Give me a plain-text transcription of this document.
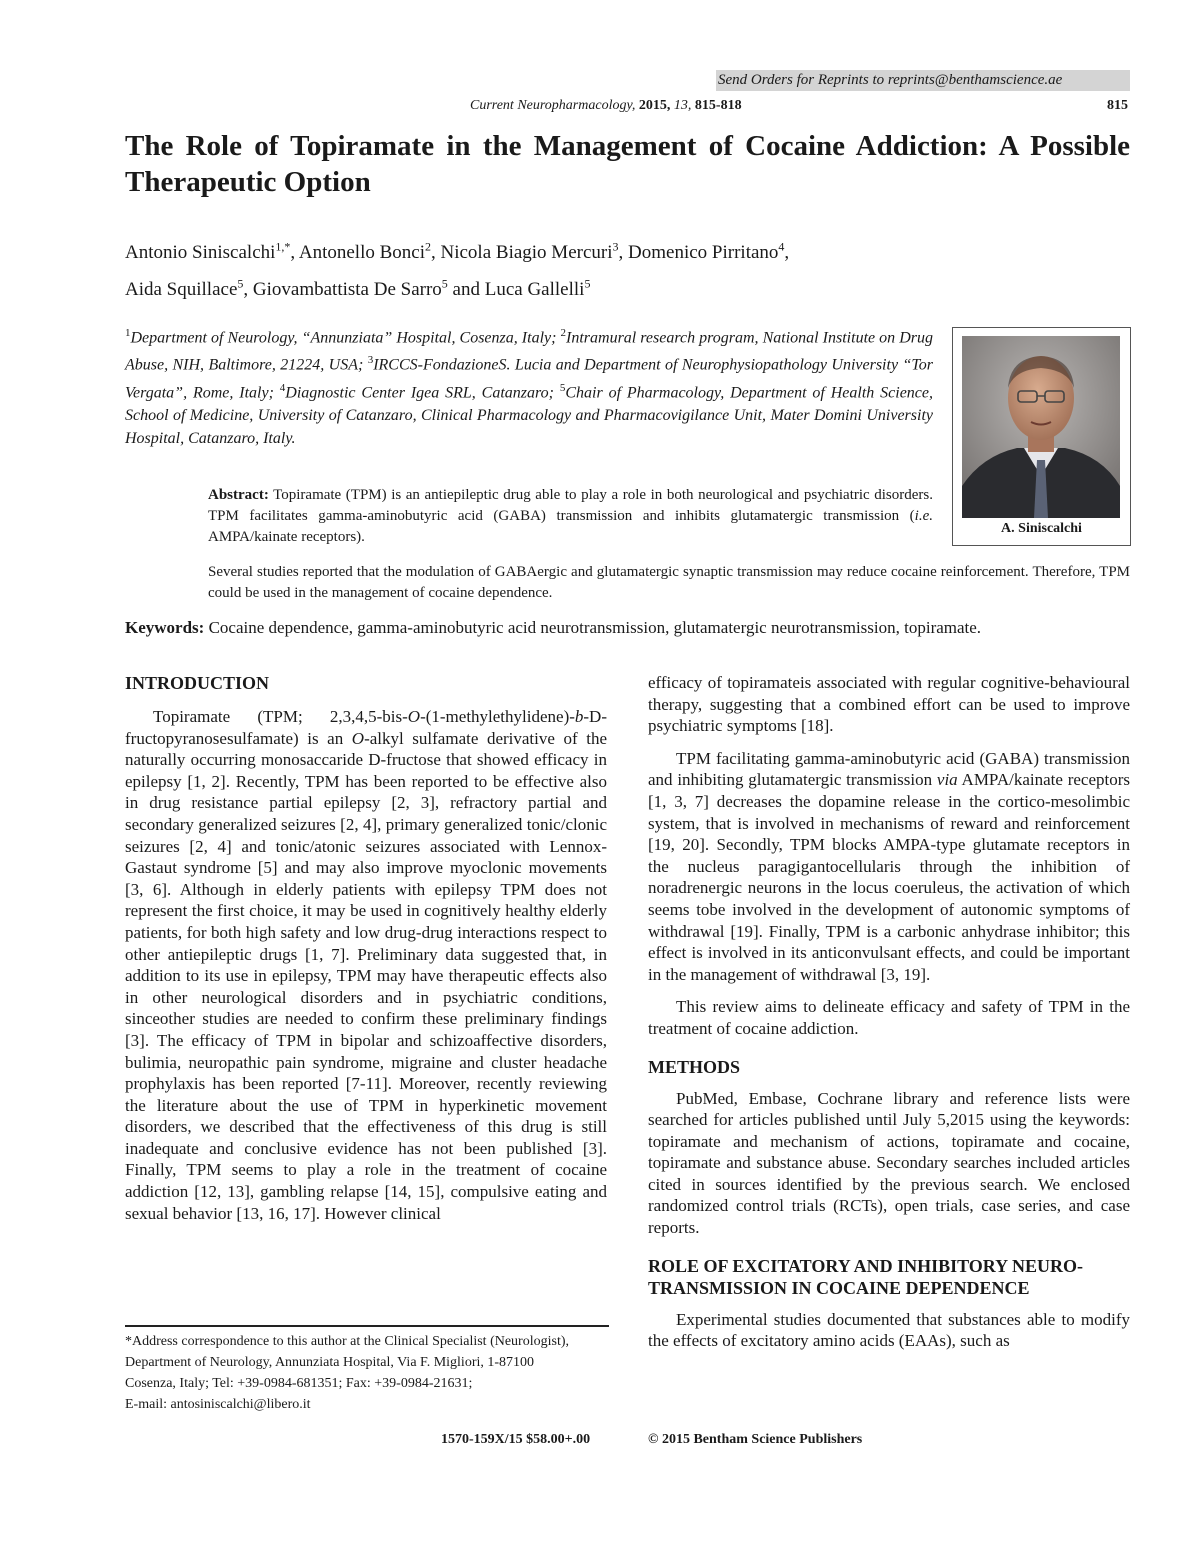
Send Orders for Reprints to reprints@benthamscience.ae
Current Neuropharmacology, 2015, 13, 815-818	815
The Role of Topiramate in the Management of Cocaine Addiction: A Possible Therapeutic Option
Antonio Siniscalchi$^{1,*}$, Antonello Bonci$^2$, Nicola Biagio Mercuri$^3$, Domenico Pirritano$^4$,
Aida Squillace$^5$, Giovambattista De Sarro$^5$ and Luca Gallelli$^5$
$^1$Department of Neurology, “Annunziata” Hospital, Cosenza, Italy; $^2$Intramural research program, National Institute on Drug Abuse, NIH, Baltimore, 21224, USA; $^3$IRCCS-FondazioneS. Lucia and Department of Neurophysiopathology University “Tor Vergata”, Rome, Italy; $^4$Diagnostic Center Igea SRL, Catanzaro; $^5$Chair of Pharmacology, Department of Health Science, School of Medicine, University of Catanzaro, Clinical Pharmacology and Pharmacovigilance Unit, Mater Domini University Hospital, Catanzaro, Italy.
A. Siniscalchi
Abstract: Topiramate (TPM) is an antiepileptic drug able to play a role in both neurological and psychiatric disorders. TPM facilitates gamma-aminobutyric acid (GABA) transmission and inhibits glutamatergic transmission (i.e. AMPA/kainate receptors).
Several studies reported that the modulation of GABAergic and glutamatergic synaptic transmission may reduce cocaine reinforcement. Therefore, TPM could be used in the management of cocaine dependence.
Keywords: Cocaine dependence, gamma-aminobutyric acid neurotransmission, glutamatergic neurotransmission, topiramate.
INTRODUCTION

Topiramate (TPM; 2,3,4,5-bis-O-(1-methylethylidene)-b-D-fructopyranosesulfamate) is an O-alkyl sulfamate derivative of the naturally occurring monosaccaride D-fructose that showed efficacy in epilepsy [1, 2]. Recently, TPM has been reported to be effective also in drug resistance partial epilepsy [2, 3], refractory partial and secondary generalized seizures [2, 4], primary generalized tonic/clonic seizures [2, 4] and tonic/atonic seizures associated with Lennox- Gastaut syndrome [5] and may also improve myoclonic movements [3, 6]. Although in elderly patients with epilepsy TPM does not represent the first choice, it may be used in cognitively healthy elderly patients, for both high safety and low drug-drug interactions respect to other antiepileptic drugs [1, 7]. Preliminary data suggested that, in addition to its use in epilepsy, TPM may have therapeutic effects also in other neurological disorders and in psychiatric conditions, sinceother studies are needed to confirm these preliminary findings [3]. The efficacy of TPM in bipolar and schizoaffective disorders, bulimia, neuropathic pain syndrome, migraine and cluster headache prophylaxis has been reported [7-11]. Moreover, recently reviewing the literature about the use of TPM in hyperkinetic movement disorders, we described that the effectiveness of this drug is still inadequate and conclusive evidence has not been published [3]. Finally, TPM seems to play a role in the treatment of cocaine addiction [12, 13], gambling relapse [14, 15], compulsive eating and sexual behavior [13, 16, 17]. However clinical

efficacy of topiramateis associated with regular cognitive-behavioural therapy, suggesting that a combined effort can be used to improve psychiatric symptoms [18].

TPM facilitating gamma-aminobutyric acid (GABA) transmission and inhibiting glutamatergic transmission via AMPA/kainate receptors [1, 3, 7] decreases the dopamine release in the cortico-mesolimbic system, that is involved in mechanisms of reward and reinforcement [19, 20]. Secondly, TPM blocks AMPA-type glutamate receptors in the nucleus paragigantocellularis through the inhibition of noradrenergic neurons in the locus coeruleus, the activation of which seems tobe involved in the development of autonomic symptoms of withdrawal [19]. Finally, TPM is a carbonic anhydrase inhibitor; this effect is involved in its anticonvulsant effects, and could be important in the management of withdrawal [3, 19].

This review aims to delineate efficacy and safety of TPM in the treatment of cocaine addiction.

METHODS

PubMed, Embase, Cochrane library and reference lists were searched for articles published until July 5,2015 using the keywords: topiramate and mechanism of actions, topiramate and cocaine, topiramate and substance abuse. Secondary searches included articles cited in sources identified by the previous search. We enclosed randomized control trials (RCTs), open trials, case series, and case reports.

ROLE OF EXCITATORY AND INHIBITORY NEURO-TRANSMISSION IN COCAINE DEPENDENCE

Experimental studies documented that substances able to modify the effects of excitatory amino acids (EAAs), such as

*Address correspondence to this author at the Clinical Specialist (Neurologist),
Department of Neurology, Annunziata Hospital, Via F. Migliori, 1-87100
Cosenza, Italy; Tel: +39-0984-681351; Fax: +39-0984-21631;
E-mail: antosiniscalchi@libero.it
1570-159X/15 $58.00+.00	© 2015 Bentham Science Publishers
